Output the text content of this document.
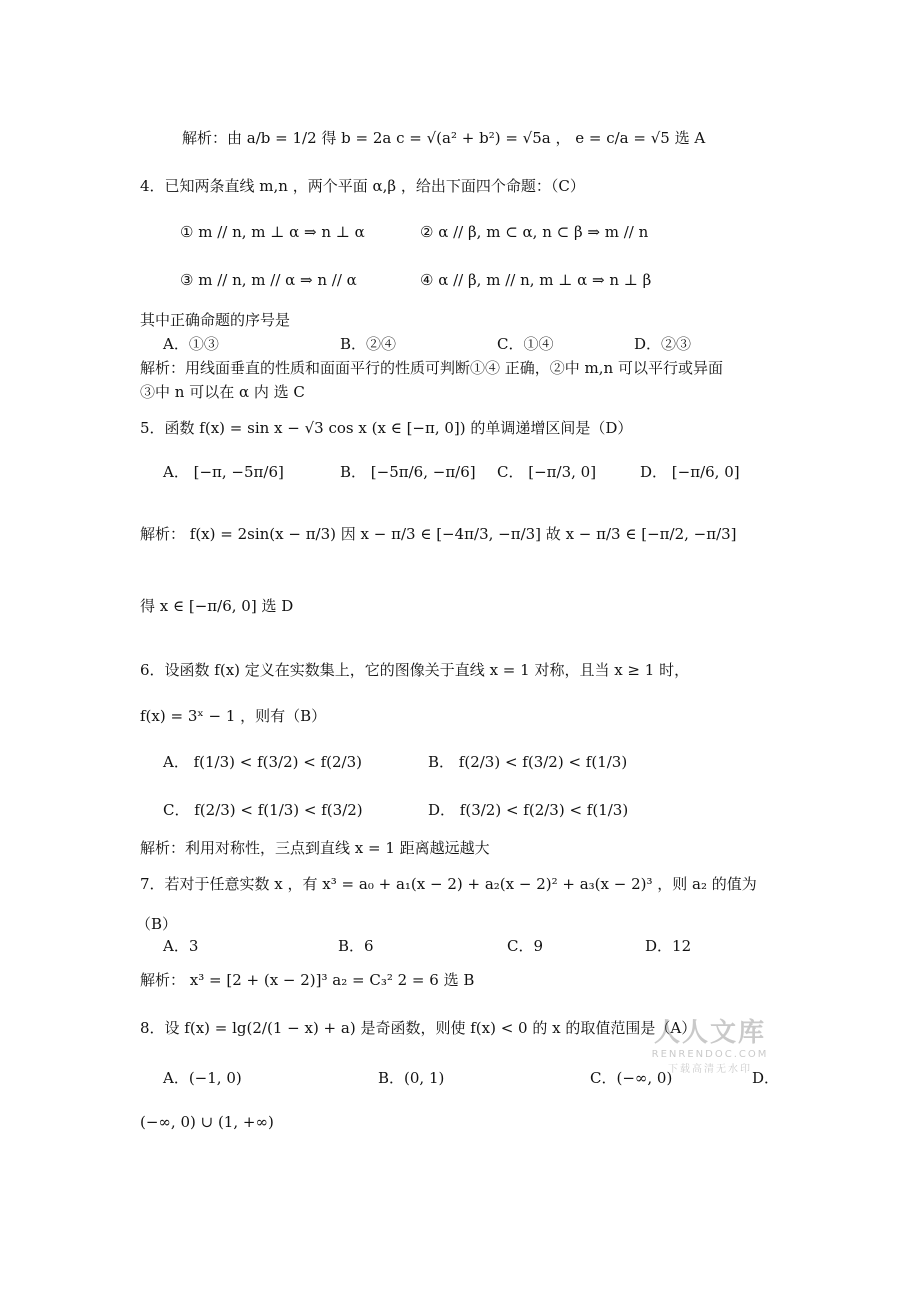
解析：由 a/b = 1/2 得 b = 2a c = √(a² + b²) = √5a ， e = c/a = √5 选 A
4．已知两条直线 m,n ，两个平面 α,β ，给出下面四个命题：（C）
① m // n, m ⊥ α ⇒ n ⊥ α	② α // β, m ⊂ α, n ⊂ β ⇒ m // n
③ m // n, m // α ⇒ n // α	④ α // β, m // n, m ⊥ α ⇒ n ⊥ β
其中正确命题的序号是
A．①③	B．②④	C．①④	D．②③
解析：用线面垂直的性质和面面平行的性质可判断①④ 正确，②中 m,n 可以平行或异面
③中 n 可以在 α 内 选 C
5．函数 f(x) = sin x − √3 cos x (x ∈ [−π, 0]) 的单调递增区间是（D）
A． [−π, −5π/6]	B． [−5π/6, −π/6] C． [−π/3, 0]	D． [−π/6, 0]
解析： f(x) = 2sin(x − π/3) 因 x − π/3 ∈ [−4π/3, −π/3] 故 x − π/3 ∈ [−π/2, −π/3]
得 x ∈ [−π/6, 0] 选 D
6．设函数 f(x) 定义在实数集上，它的图像关于直线 x = 1 对称，且当 x ≥ 1 时，
f(x) = 3ˣ − 1 ，则有（B）
A． f(1/3) < f(3/2) < f(2/3)	B． f(2/3) < f(3/2) < f(1/3)
C． f(2/3) < f(1/3) < f(3/2)	D． f(3/2) < f(2/3) < f(1/3)
解析：利用对称性，三点到直线 x = 1 距离越远越大
7．若对于任意实数 x ，有 x³ = a₀ + a₁(x − 2) + a₂(x − 2)² + a₃(x − 2)³ ，则 a₂ 的值为
（B）
A．3	B．6	C．9	D．12
解析： x³ = [2 + (x − 2)]³ a₂ = C₃² 2 = 6 选 B
8．设 f(x) = lg(2/(1 − x) + a) 是奇函数，则使 f(x) < 0 的 x 的取值范围是（A）
A．(−1, 0)	B．(0, 1)	C．(−∞, 0)	D．
(−∞, 0) ∪ (1, +∞)
人人文库
RENRENDOC.COM
下载高清无水印
